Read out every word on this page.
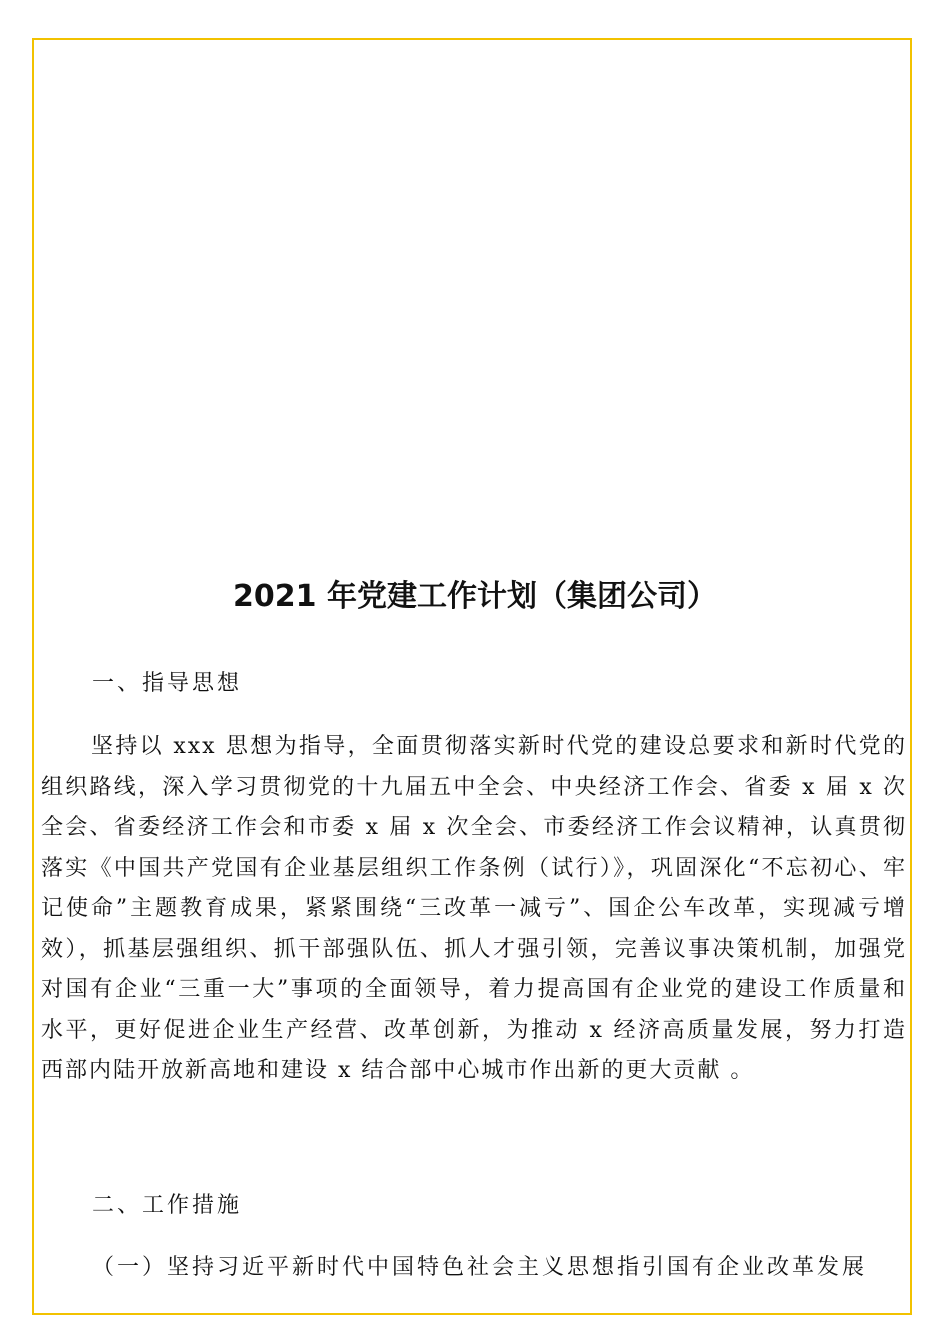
2021 年党建工作计划（集团公司）
一、指导思想

坚持以 xxx 思想为指导，全面贯彻落实新时代党的建设总要求和新时代党的组织路线，深入学习贯彻党的十九届五中全会、中央经济工作会、省委 x 届 x 次全会、省委经济工作会和市委 x 届 x 次全会、市委经济工作会议精神，认真贯彻落实《中国共产党国有企业基层组织工作条例（试行）》，巩固深化“不忘初心、牢记使命”主题教育成果，紧紧围绕“三改革一减亏”、国企公车改革，实现减亏增效），抓基层强组织、抓干部强队伍、抓人才强引领，完善议事决策机制，加强党对国有企业“三重一大”事项的全面领导，着力提高国有企业党的建设工作质量和水平，更好促进企业生产经营、改革创新，为推动 x 经济高质量发展，努力打造西部内陆开放新高地和建设 x 结合部中心城市作出新的更大贡献 。

二、工作措施
（一）坚持习近平新时代中国特色社会主义思想指引国有企业改革发展
